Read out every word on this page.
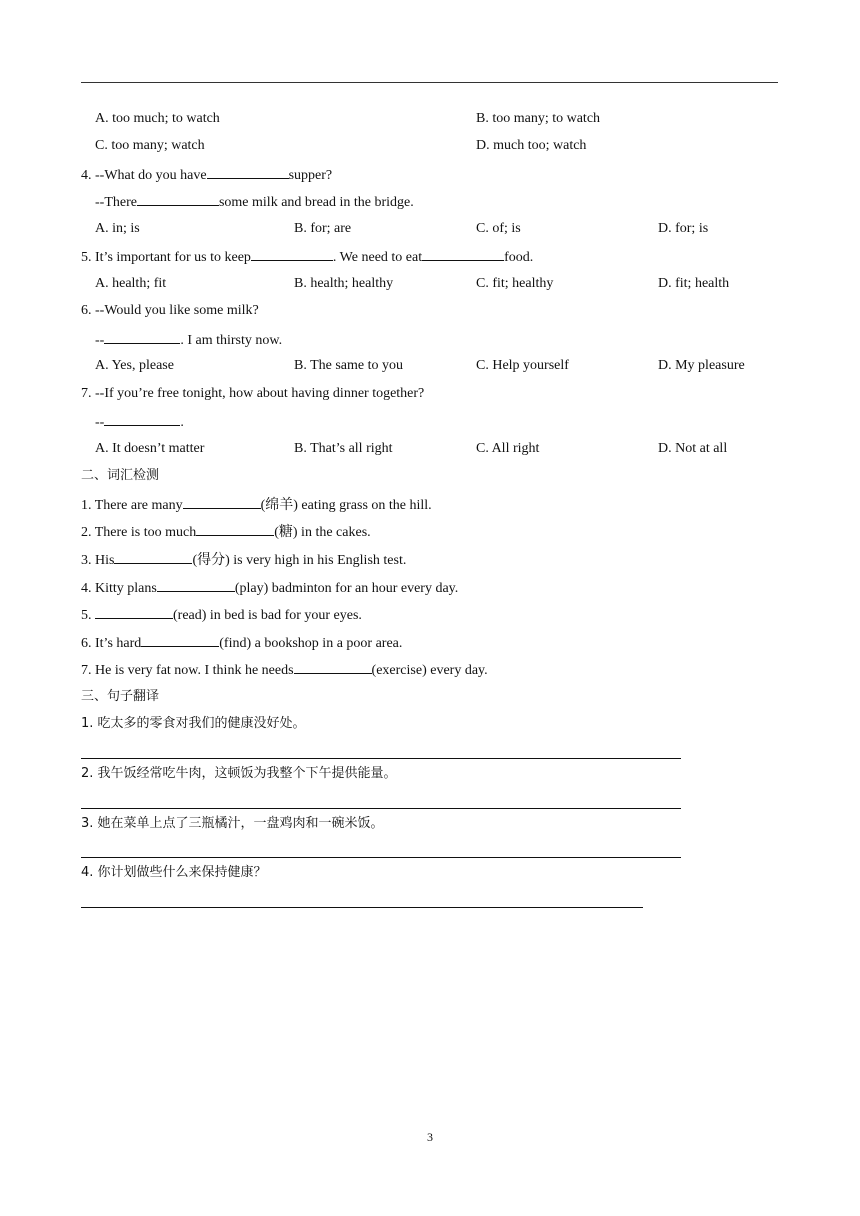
A. too much; to watch	B. too many; to watch
C. too many; watch	D. much too; watch
4. --What do you have	supper?
--There	some milk and bread in the bridge.
A. in; is	B. for; are	C. of; is	D. for; is
5. It’s important for us to keep	. We need to eat	food.
A. health; fit	B. health; healthy	C. fit; healthy	D. fit; health
6. --Would you like some milk?
--	. I am thirsty now.
A. Yes, please	B. The same to you	C. Help yourself	D. My pleasure
7. --If you’re free tonight, how about having dinner together?
--	.
A. It doesn’t matter	B. That’s all right	C. All right	D. Not at all
二、词汇检测
1. There are many	(绵羊) eating grass on the hill.
2. There is too much	(糖) in the cakes.
3. His	(得分) is very high in his English test.
4. Kitty plans	(play) badminton for an hour every day.
5.	(read) in bed is bad for your eyes.
6. It’s hard	(find) a bookshop in a poor area.
7. He is very fat now. I think he needs	(exercise) every day.
三、句子翻译
1. 吃太多的零食对我们的健康没好处。
2. 我午饭经常吃牛肉，这顿饭为我整个下午提供能量。
3. 她在菜单上点了三瓶橘汁，一盘鸡肉和一碗米饭。
4. 你计划做些什么来保持健康？
3
